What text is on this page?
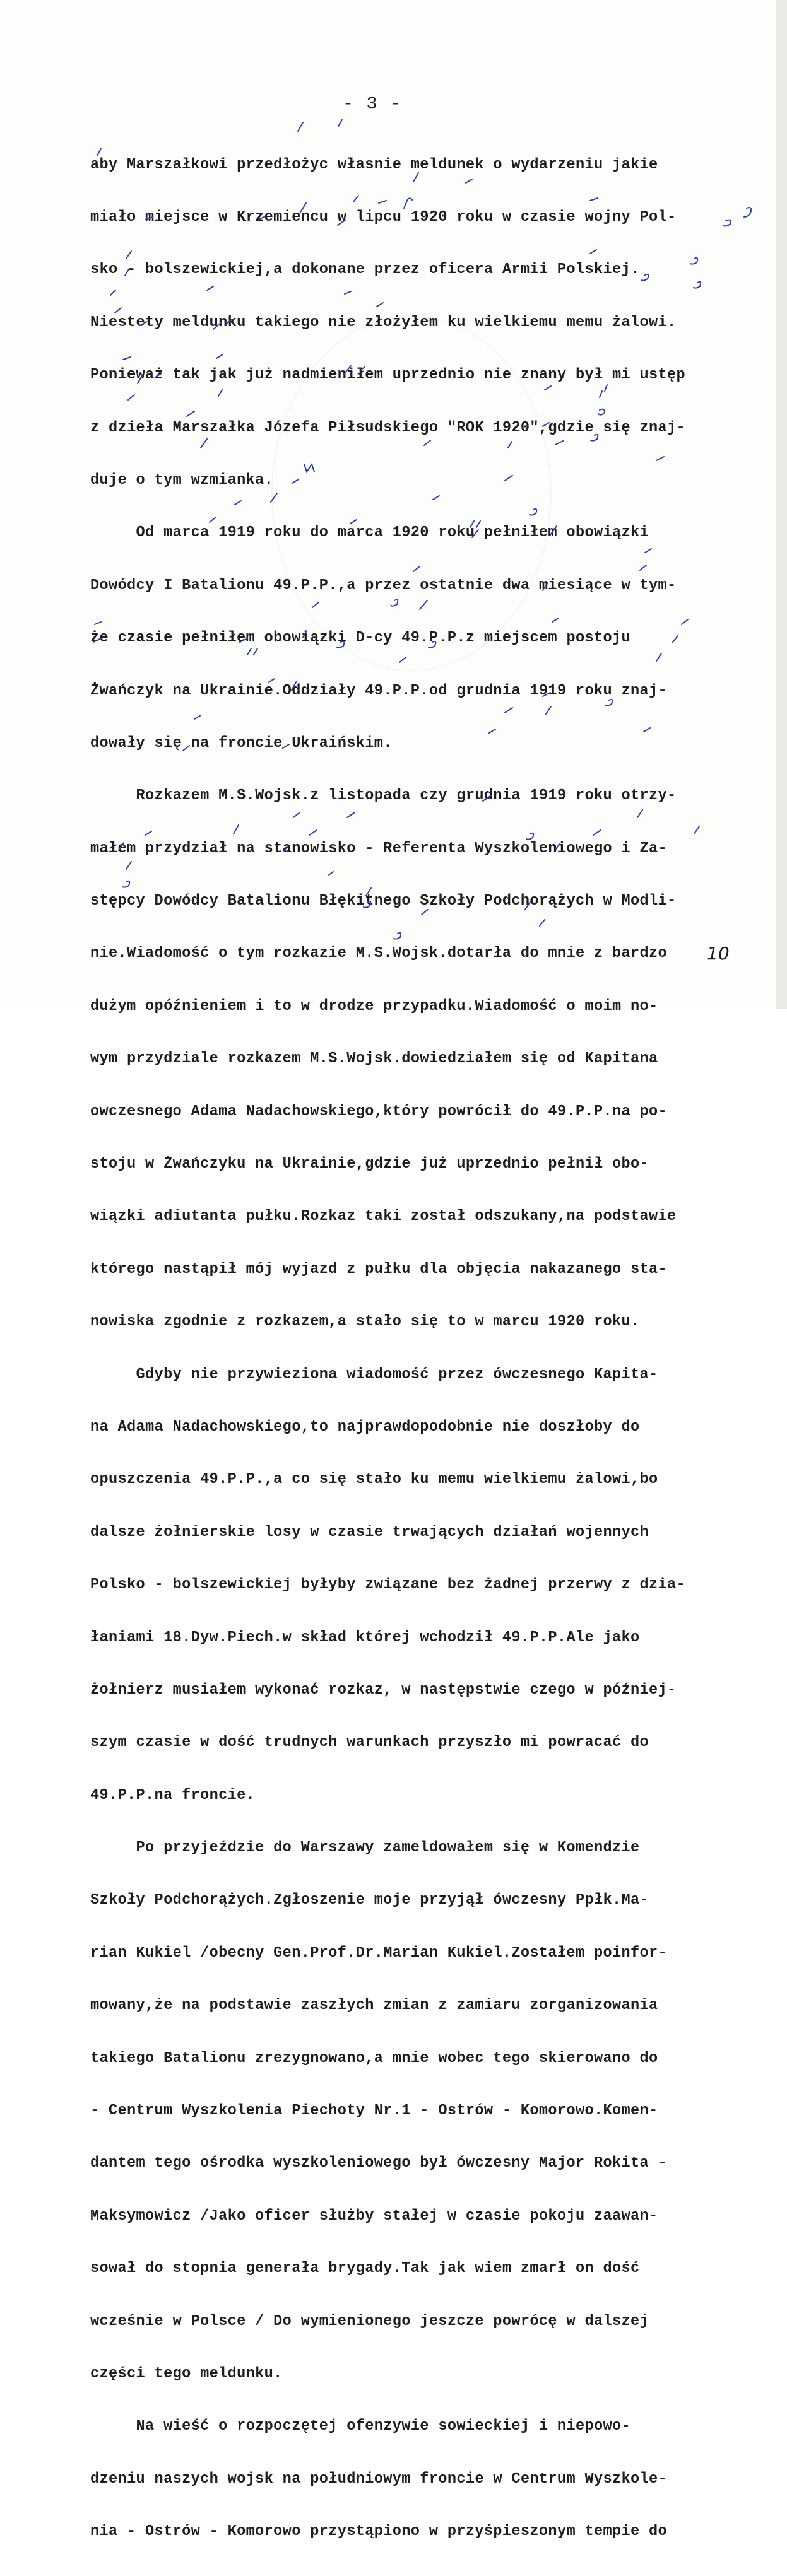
- 3 -

aby Marszałkowi przedłożyc własnie meldunek o wydarzeniu jakie

miało miejsce w Krzemiencu w lipcu 1920 roku w czasie wojny Pol-

sko - bolszewickiej,a dokonane przez oficera Armii Polskiej.

Niestety meldunku takiego nie złożyłem ku wielkiemu memu żalowi.

Ponieważ tak jak już nadmieniłem uprzednio nie znany był mi ustęp

z dzieła Marszałka Józefa Piłsudskiego "ROK 1920",gdzie się znaj-

duje o tym wzmianka.

Od marca 1919 roku do marca 1920 roku pełniłem obowiązki

Dowódcy I Batalionu 49.P.P.,a przez ostatnie dwa miesiące w tym-

że czasie pełniłem obowiązki D-cy 49.P.P.z miejscem postoju

Żwańczyk na Ukrainie.Oddziały 49.P.P.od grudnia 1919 roku znaj-

dowały się na froncie Ukraińskim.

Rozkazem M.S.Wojsk.z listopada czy grudnia 1919 roku otrzy-

małem przydział na stanowisko - Referenta Wyszkoleniowego i Za-

stępcy Dowódcy Batalionu Błękitnego Szkoły Podchorążych w Modli-

nie.Wiadomość o tym rozkazie M.S.Wojsk.dotarła do mnie z bardzo

dużym opóźnieniem i to w drodze przypadku.Wiadomość o moim no-

wym przydziale rozkazem M.S.Wojsk.dowiedziałem się od Kapitana

owczesnego Adama Nadachowskiego,który powrócił do 49.P.P.na po-

stoju w Żwańczyku na Ukrainie,gdzie już uprzednio pełnił obo-

wiązki adiutanta pułku.Rozkaz taki został odszukany,na podstawie

którego nastąpił mój wyjazd z pułku dla objęcia nakazanego sta-

nowiska zgodnie z rozkazem,a stało się to w marcu 1920 roku.

Gdyby nie przywieziona wiadomość przez ówczesnego Kapita-

na Adama Nadachowskiego,to najprawdopodobnie nie doszłoby do

opuszczenia 49.P.P.,a co się stało ku memu wielkiemu żalowi,bo

dalsze żołnierskie losy w czasie trwających działań wojennych

Polsko - bolszewickiej byłyby związane bez żadnej przerwy z dzia-

łaniami 18.Dyw.Piech.w skład której wchodził 49.P.P.Ale jako

żołnierz musiałem wykonać rozkaz, w następstwie czego w później-

szym czasie w dość trudnych warunkach przyszło mi powracać do

49.P.P.na froncie.

Po przyjeździe do Warszawy zameldowałem się w Komendzie

Szkoły Podchorążych.Zgłoszenie moje przyjął ówczesny Ppłk.Ma-

rian Kukiel /obecny Gen.Prof.Dr.Marian Kukiel.Zostałem poinfor-

mowany,że na podstawie zaszłych zmian z zamiaru zorganizowania

takiego Batalionu zrezygnowano,a mnie wobec tego skierowano do

- Centrum Wyszkolenia Piechoty Nr.1 - Ostrów - Komorowo.Komen-

dantem tego ośrodka wyszkoleniowego był ówczesny Major Rokita -

Maksymowicz /Jako oficer służby stałej w czasie pokoju zaawan-

sował do stopnia generała brygady.Tak jak wiem zmarł on dość

wcześnie w Polsce / Do wymienionego jeszcze powrócę w dalszej

części tego meldunku.

Na wieść o rozpoczętej ofenzywie sowieckiej i niepowo-

dzeniu naszych wojsk na południowym froncie w Centrum Wyszkole-

nia - Ostrów - Komorowo przystąpiono w przyśpieszonym tempie do

10
